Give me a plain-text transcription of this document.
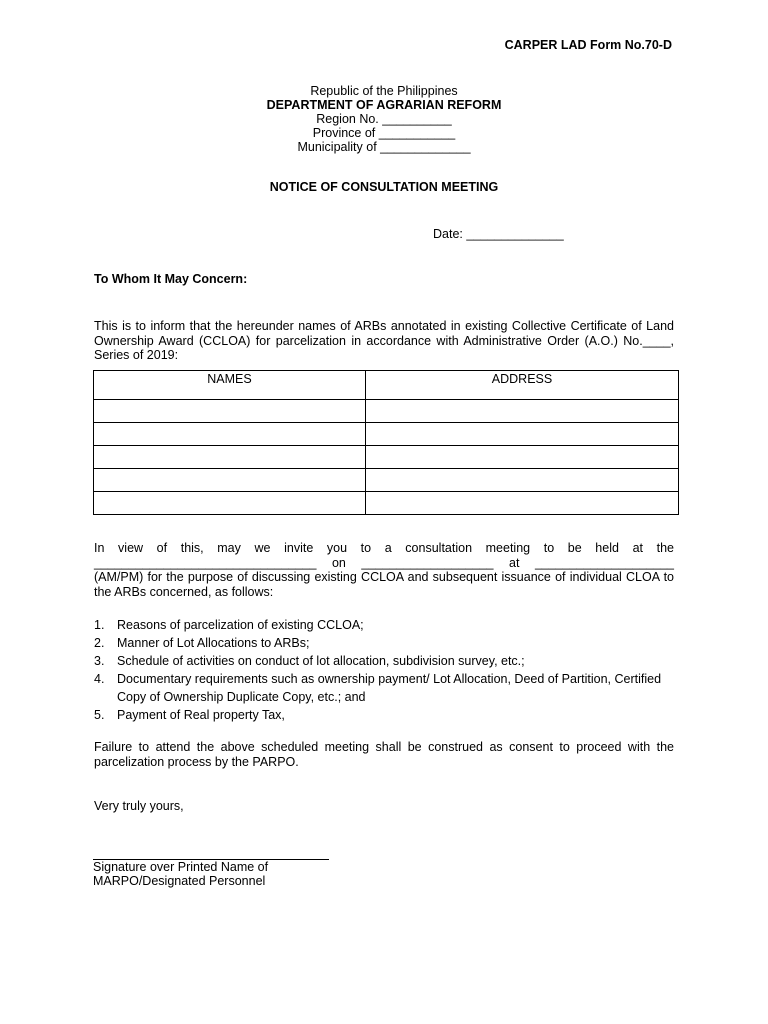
CARPER LAD Form No.70-D
Republic of the Philippines
DEPARTMENT OF AGRARIAN REFORM
Region No. __________
Province of ___________
Municipality of _____________
NOTICE OF CONSULTATION MEETING
Date: ______________
To Whom It May Concern:
This is to inform that the hereunder names of ARBs annotated in existing Collective Certificate of Land Ownership Award (CCLOA) for parcelization in accordance with Administrative Order (A.O.) No.____, Series of 2019:
NAMES	ADDRESS

In view of this, may we invite you to a consultation meeting to be held at the ________________________________ on ___________________ at ____________________ (AM/PM) for the purpose of discussing existing CCLOA and subsequent issuance of individual CLOA to the ARBs concerned, as follows:
1.	Reasons of parcelization of existing CCLOA;
2.	Manner of Lot Allocations to ARBs;
3.	Schedule of activities on conduct of lot allocation, subdivision survey, etc.;
4.	Documentary requirements such as ownership payment/ Lot Allocation, Deed of Partition, Certified Copy of Ownership Duplicate Copy, etc.; and
5.	Payment of Real property Tax,
Failure to attend the above scheduled meeting shall be construed as consent to proceed with the parcelization process by the PARPO.
Very truly yours,
Signature over Printed Name of
MARPO/Designated Personnel
